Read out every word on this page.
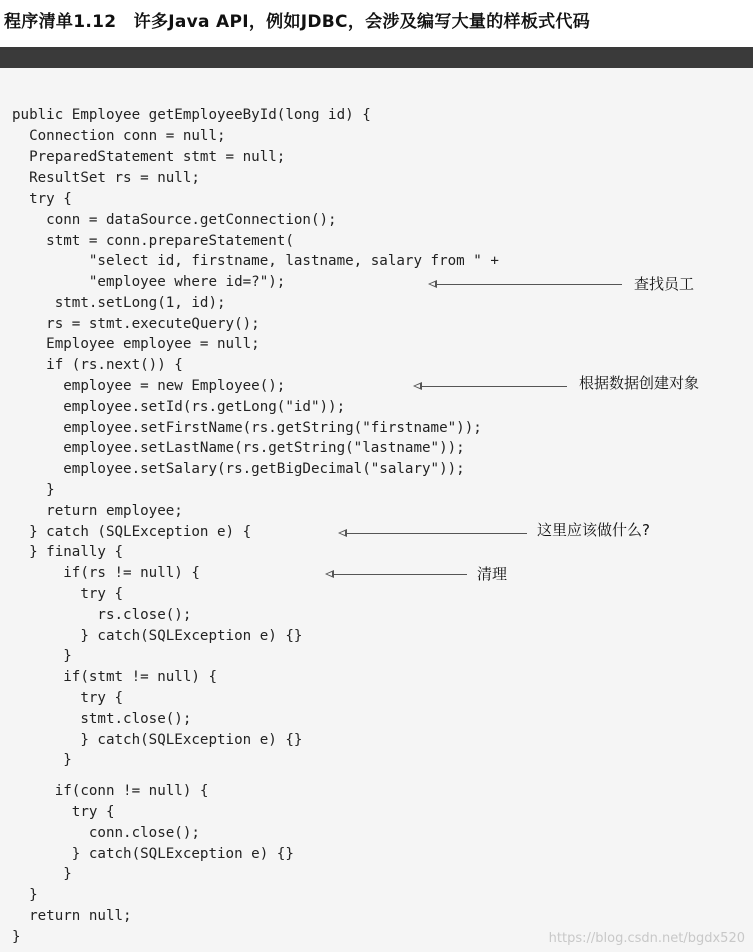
程序清单1.12　许多Java API，例如JDBC，会涉及编写大量的样板式代码
public Employee getEmployeeById(long id) {
Connection conn = null;
PreparedStatement stmt = null;
ResultSet rs = null;
try {
conn = dataSource.getConnection();
stmt = conn.prepareStatement(
"select id, firstname, lastname, salary from " +
"employee where id=?");
stmt.setLong(1, id);
rs = stmt.executeQuery();
Employee employee = null;
if (rs.next()) {
employee = new Employee();
employee.setId(rs.getLong("id"));
employee.setFirstName(rs.getString("firstname"));
employee.setLastName(rs.getString("lastname"));
employee.setSalary(rs.getBigDecimal("salary"));
}
return employee;
} catch (SQLException e) {
} finally {
if(rs != null) {
try {
rs.close();
} catch(SQLException e) {}
}
if(stmt != null) {
try {
stmt.close();
} catch(SQLException e) {}
}
if(conn != null) {
try {
conn.close();
} catch(SQLException e) {}
}
}
return null;
}
查找员工
根据数据创建对象
这里应该做什么?
清理
https://blog.csdn.net/bgdx520
